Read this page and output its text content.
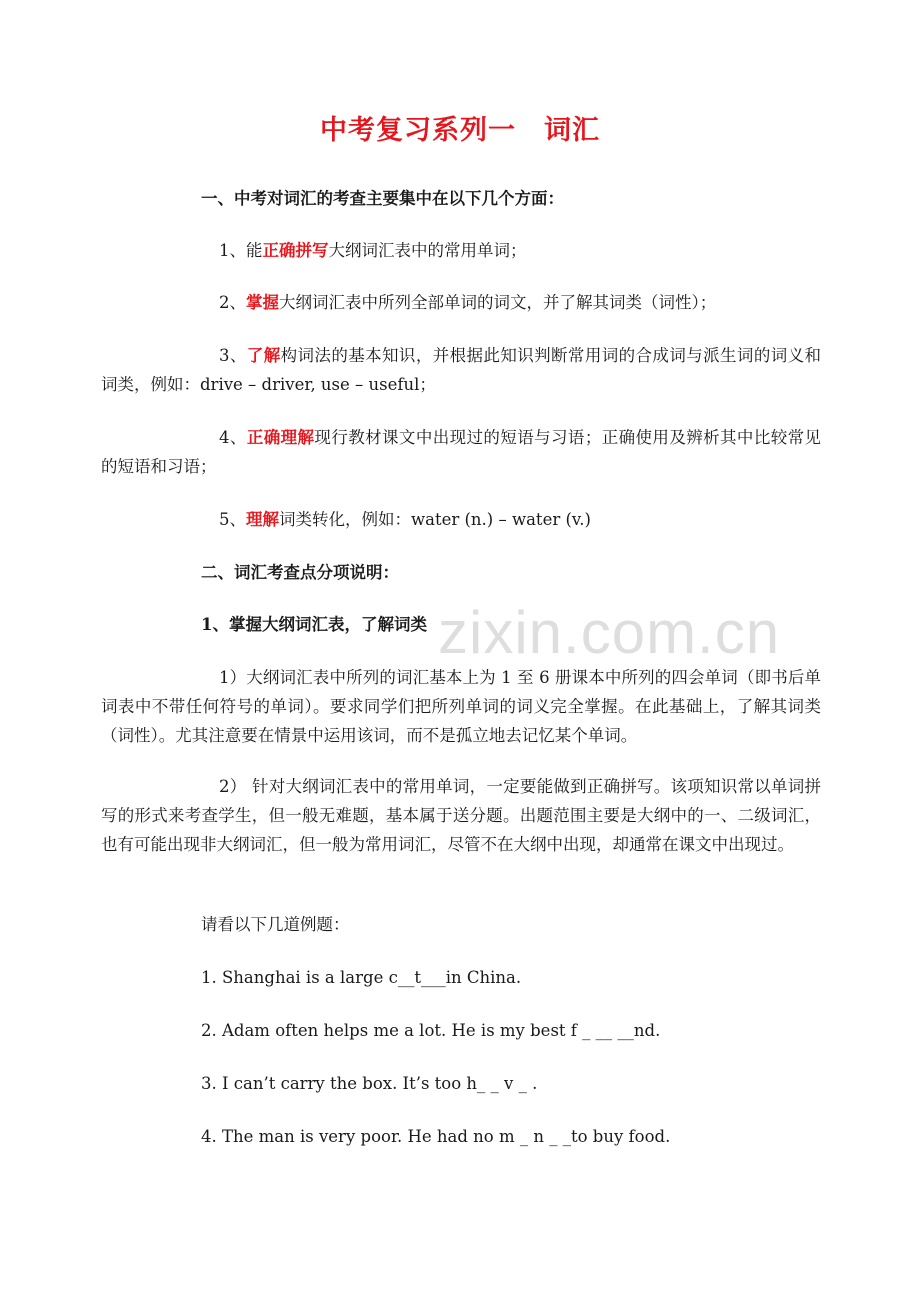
zixin.com.cn
中考复习系列一　词汇
一、中考对词汇的考查主要集中在以下几个方面：
1、能正确拼写大纲词汇表中的常用单词；
2、掌握大纲词汇表中所列全部单词的词文，并了解其词类（词性）；
3、了解构词法的基本知识，并根据此知识判断常用词的合成词与派生词的词义和词类，例如：drive – driver, use – useful；
4、正确理解现行教材课文中出现过的短语与习语；正确使用及辨析其中比较常见的短语和习语；
5、理解词类转化，例如：water (n.) – water (v.)
二、词汇考查点分项说明：
1、掌握大纲词汇表，了解词类
1）大纲词汇表中所列的词汇基本上为 1 至 6 册课本中所列的四会单词（即书后单词表中不带任何符号的单词）。要求同学们把所列单词的词义完全掌握。在此基础上，了解其词类（词性）。尤其注意要在情景中运用该词，而不是孤立地去记忆某个单词。
2） 针对大纲词汇表中的常用单词，一定要能做到正确拼写。该项知识常以单词拼写的形式来考查学生，但一般无难题，基本属于送分题。出题范围主要是大纲中的一、二级词汇，也有可能出现非大纲词汇，但一般为常用词汇，尽管不在大纲中出现，却通常在课文中出现过。
请看以下几道例题：
1. Shanghai is a large c__t___in China.
2. Adam often helps me a lot. He is my best f _ __ __nd.
3. I can’t carry the box. It’s too h_ _ v _ .
4. The man is very poor. He had no m _ n _ _to buy food.
